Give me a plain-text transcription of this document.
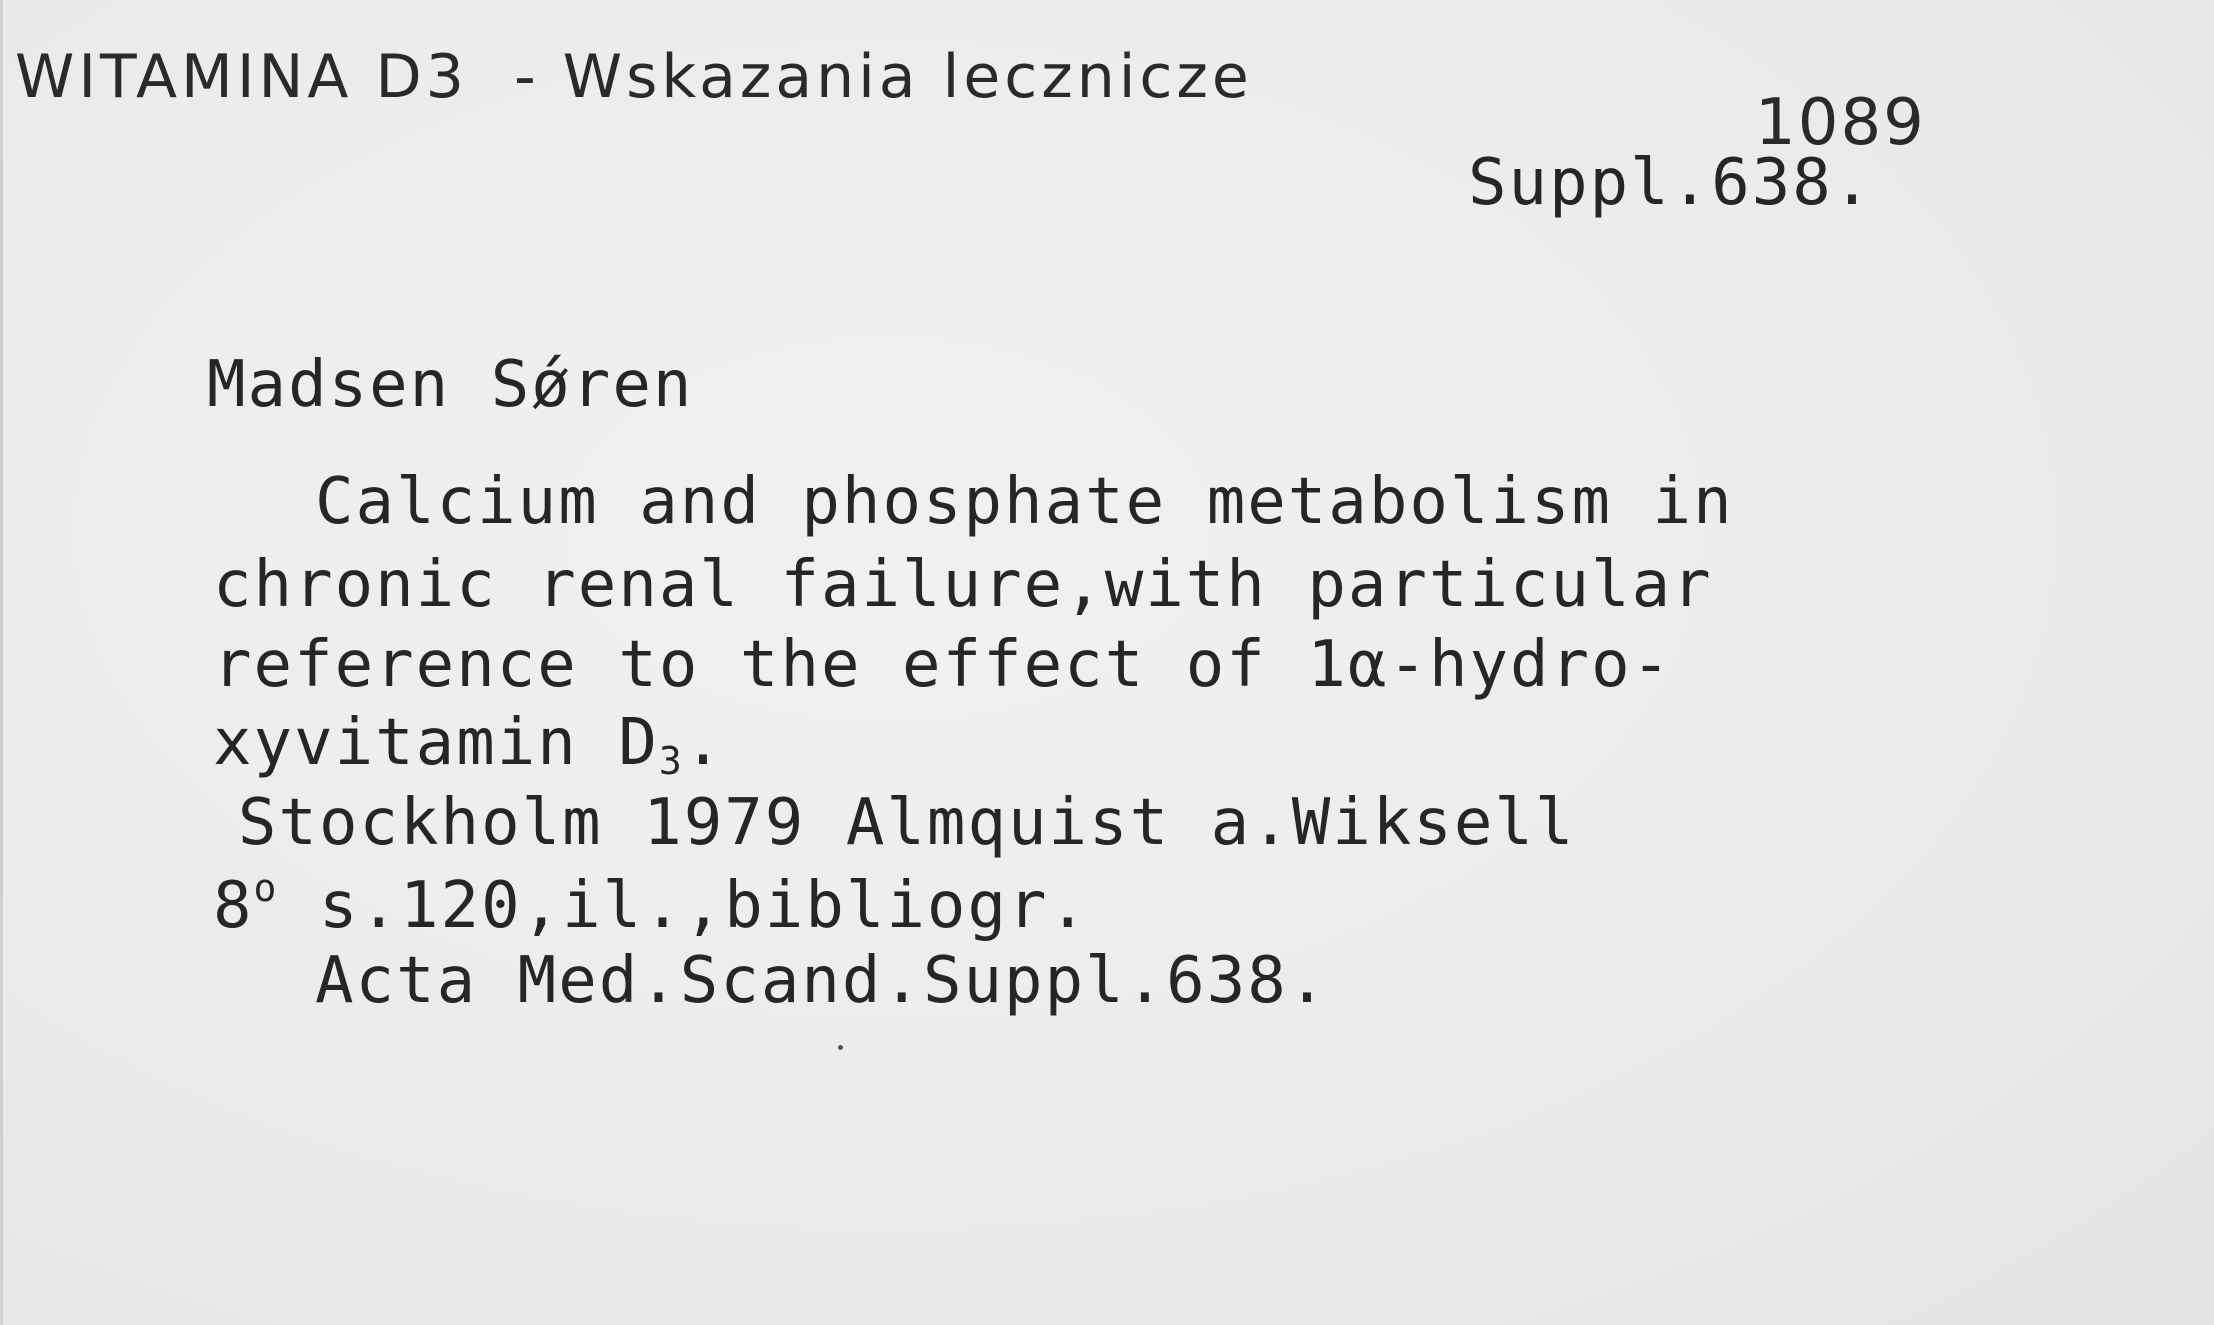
WITAMINA D3 - Wskazania lecznicze
1089
Suppl.638.
Madsen Sǿren
Calcium and phosphate metabolism in
chronic renal failure,with particular
reference to the effect of 1α-hydro-
xyvitamin $D_3$.
Stockholm 1979 Almquist a.Wiksell
8$^o$ s.120,il.,bibliogr.
Acta Med.Scand.Suppl.638.
